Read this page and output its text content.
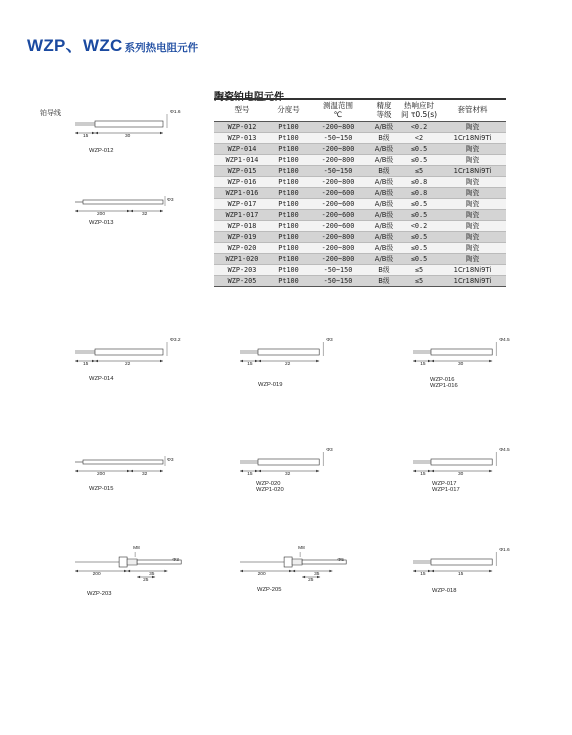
WZP、WZC 系列热电阻元件
铂导线	型号	分度号	测温范围
℃	精度
等级	热响应时
间 τ0.5(s)	套管材料
WZP-012	Pt100	-200~800	A/B级	<0.2	陶瓷
WZP-013	Pt100	-50~150	B级	<2	1Cr18Ni9Ti
WZP-014	Pt100	-200~800	A/B级	≤0.5	陶瓷
WZP1-014	Pt100	-200~800	A/B级	≤0.5	陶瓷
WZP-015	Pt100	-50~150	B级	≤5	1Cr18Ni9Ti
WZP-016	Pt100	-200~800	A/B级	≤0.8	陶瓷
WZP1-016	Pt100	-200~600	A/B级	≤0.8	陶瓷
WZP-017	Pt100	-200~600	A/B级	≤0.5	陶瓷
WZP1-017	Pt100	-200~600	A/B级	≤0.5	陶瓷
WZP-018	Pt100	-200~600	A/B级	<0.2	陶瓷
WZP-019	Pt100	-200~800	A/B级	≤0.5	陶瓷
WZP-020	Pt100	-200~800	A/B级	≤0.5	陶瓷
WZP1-020	Pt100	-200~800	A/B级	≤0.5	陶瓷
WZP-203	Pt100	-50~150	B级	≤5	1Cr18Ni9Ti
WZP-205	Pt100	-50~150	B级	≤5	1Cr18Ni9Ti
15	30
Φ1.6
WZP-012
200	32
Φ3
WZP-013
15	22
Φ3.2
WZP-014
15	22
Φ3
WZP-019
15	30
Φ4.5
WZP-016
WZP1-016
200	32
Φ3
WZP-015
15	32
Φ3
WZP-020
WZP1-020
15	30
Φ4.5
WZP-017
WZP1-017
200	35
25
Φ3
M8
WZP-203
200	35
25
Φ5
M8
WZP-205
15	15
Φ1.6
WZP-018
